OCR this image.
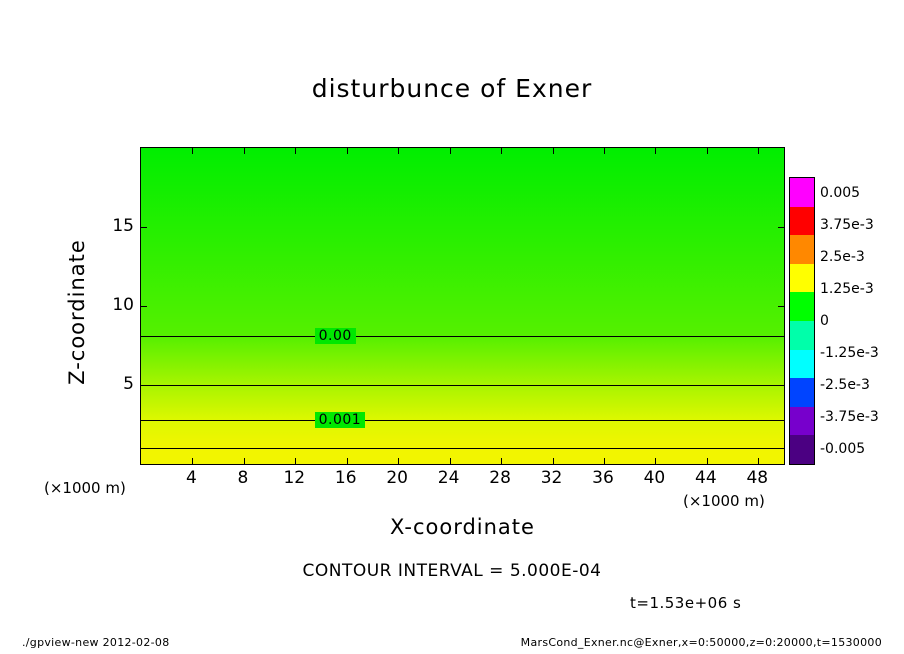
disturbunce of Exner
0.00
0.001
4 8 12 16 20 24 28 32 36 40 44 48
5
10
15
X-coordinate
Z-coordinate
(×1000 m)
(×1000 m)
0.005
3.75e-3
2.5e-3
1.25e-3
0
-1.25e-3
-2.5e-3
-3.75e-3
-0.005
CONTOUR INTERVAL = 5.000E-04
t=1.53e+06 s
./gpview-new 2012-02-08	MarsCond_Exner.nc@Exner,x=0:50000,z=0:20000,t=1530000
